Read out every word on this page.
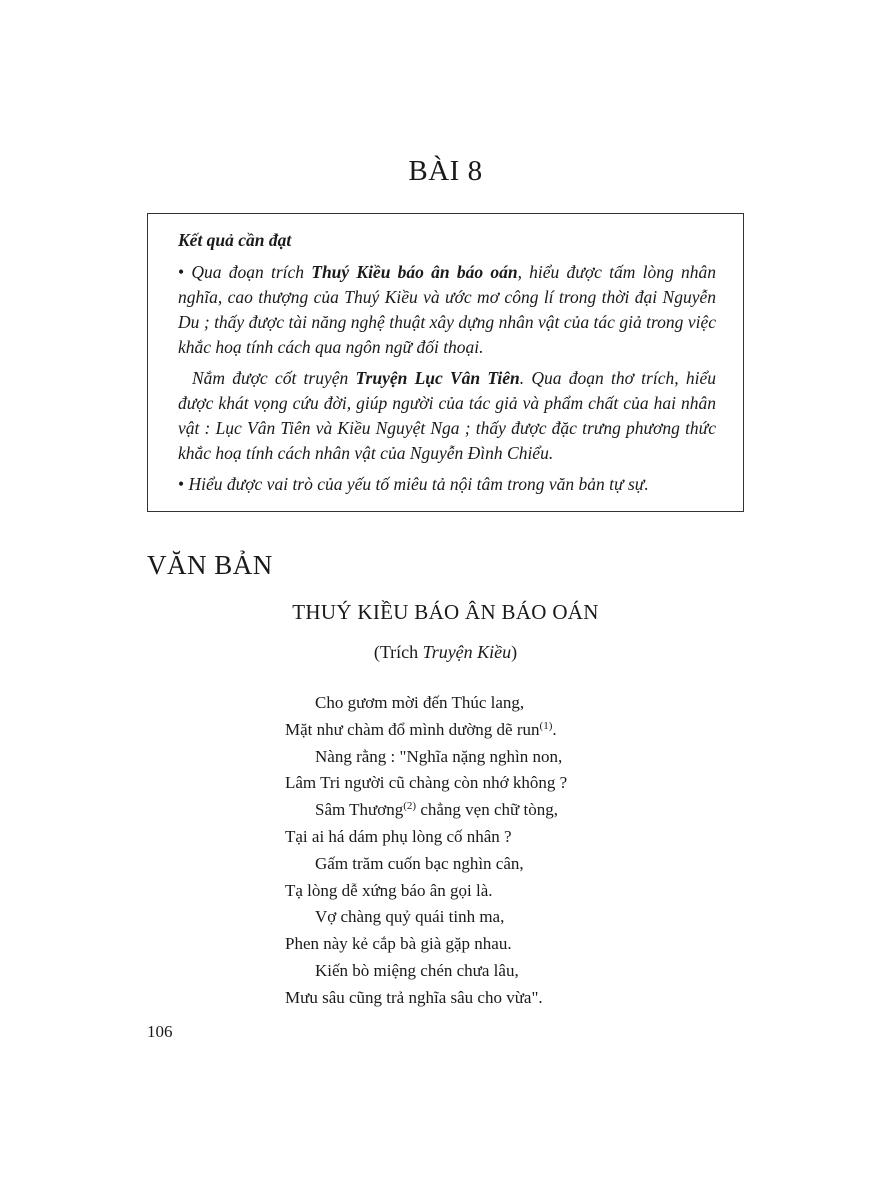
BÀI 8
Kết quả cần đạt

• Qua đoạn trích Thuý Kiều báo ân báo oán, hiểu được tấm lòng nhân nghĩa, cao thượng của Thuý Kiều và ước mơ công lí trong thời đại Nguyễn Du ; thấy được tài năng nghệ thuật xây dựng nhân vật của tác giả trong việc khắc hoạ tính cách qua ngôn ngữ đối thoại.

Nắm được cốt truyện Truyện Lục Vân Tiên. Qua đoạn thơ trích, hiểu được khát vọng cứu đời, giúp người của tác giả và phẩm chất của hai nhân vật : Lục Vân Tiên và Kiều Nguyệt Nga ; thấy được đặc trưng phương thức khắc hoạ tính cách nhân vật của Nguyễn Đình Chiểu.

• Hiểu được vai trò của yếu tố miêu tả nội tâm trong văn bản tự sự.

VĂN BẢN
THUÝ KIỀU BÁO ÂN BÁO OÁN
(Trích Truyện Kiều)
Cho gươm mời đến Thúc lang,
Mặt như chàm đổ mình dường dẽ run$^{(1)}$.
Nàng rằng : "Nghĩa nặng nghìn non,
Lâm Tri người cũ chàng còn nhớ không ?
Sâm Thương$^{(2)}$ chẳng vẹn chữ tòng,
Tại ai há dám phụ lòng cố nhân ?
Gấm trăm cuốn bạc nghìn cân,
Tạ lòng dễ xứng báo ân gọi là.
Vợ chàng quỷ quái tinh ma,
Phen này kẻ cắp bà già gặp nhau.
Kiến bò miệng chén chưa lâu,
Mưu sâu cũng trả nghĩa sâu cho vừa".
106
